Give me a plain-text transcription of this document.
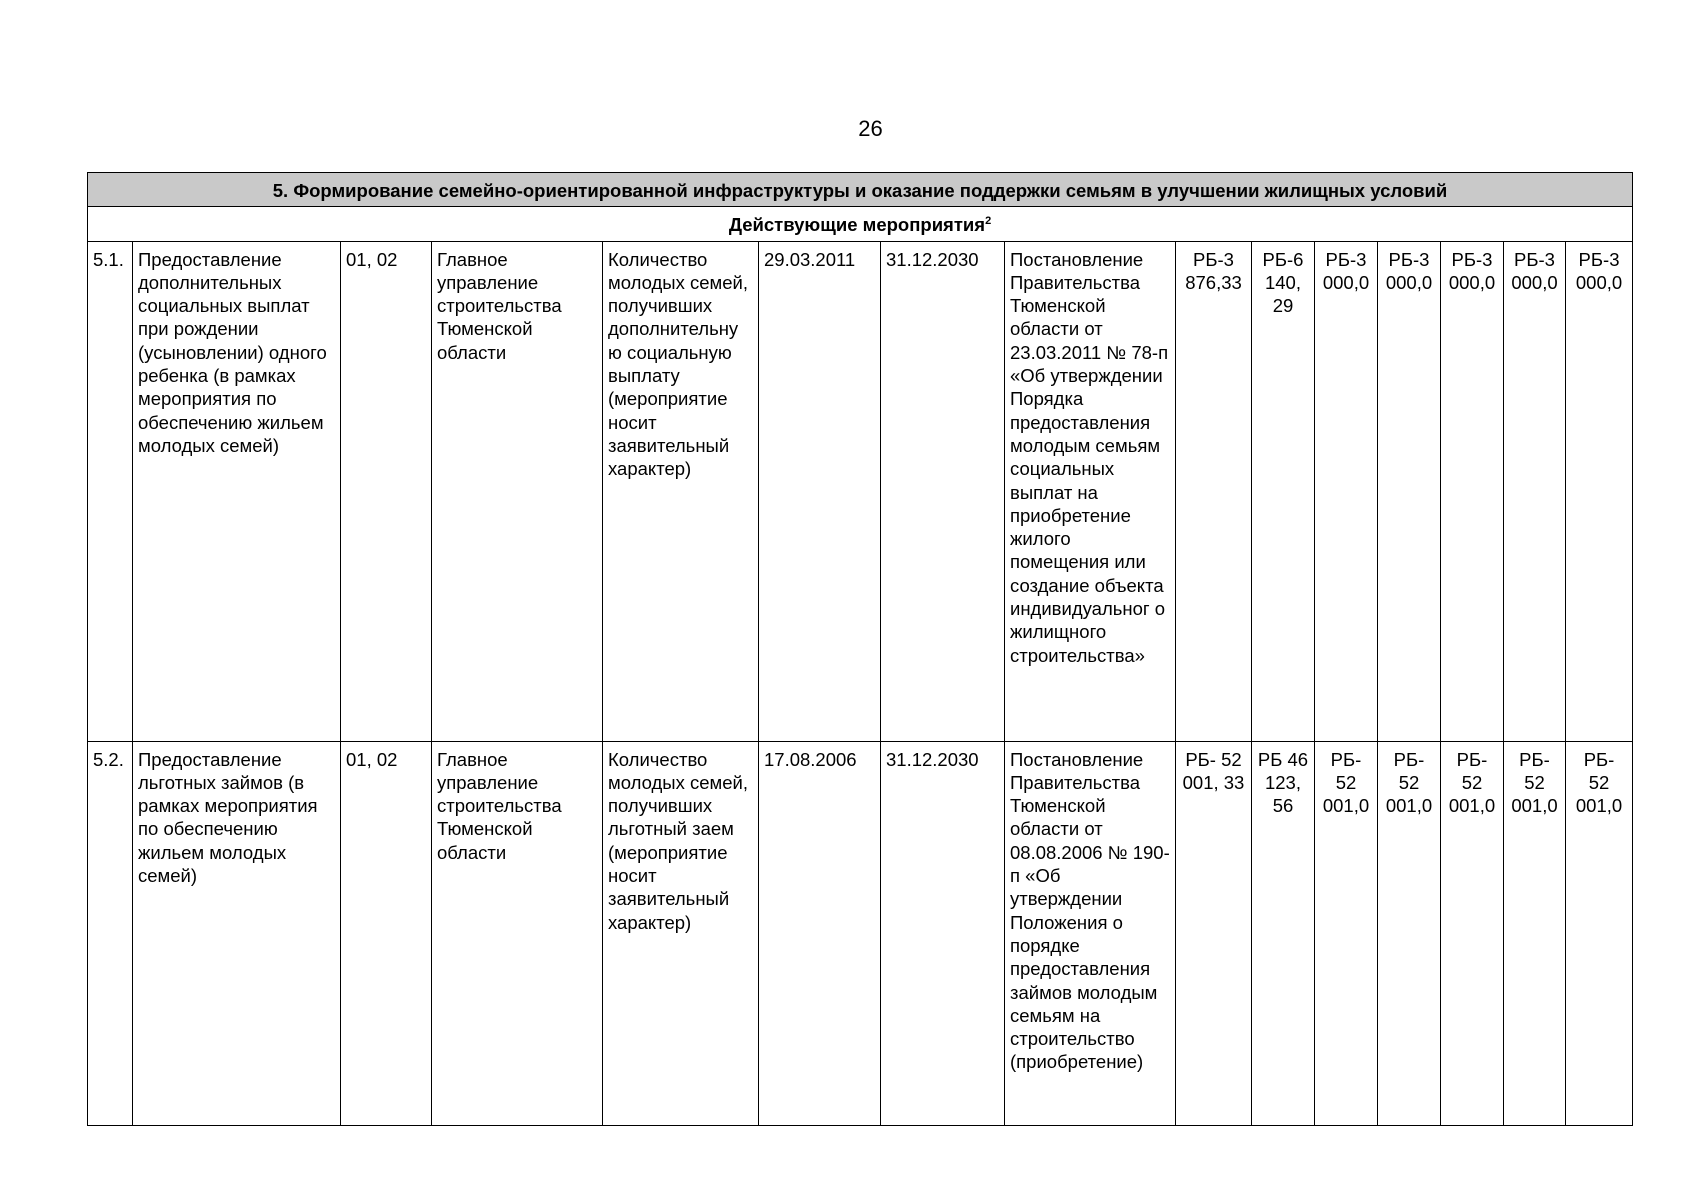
26
5. Формирование семейно-ориентированной инфраструктуры и оказание поддержки семьям в улучшении жилищных условий														
Действующие мероприятия$^2$
5.1.	Предоставление дополнительных социальных выплат при рождении (усыновлении) одного ребенка (в рамках мероприятия по обеспечению жильем молодых семей)	01, 02	Главное управление строительства Тюменской области	Количество молодых семей, получивших дополнительну ю социальную выплату (мероприятие носит заявительный характер)	29.03.2011	31.12.2030	Постановление Правительства Тюменской области от 23.03.2011 № 78-п «Об утверждении Порядка предоставления молодым семьям социальных выплат на приобретение жилого помещения или создание объекта индивидуальног о жилищного строительства»	РБ-3 876,33	РБ-6 140, 29	РБ-3 000,0	РБ-3 000,0	РБ-3 000,0	РБ-3 000,0	РБ-3 000,0
5.2.	Предоставление льготных займов (в рамках мероприятия по обеспечению жильем молодых семей)	01, 02	Главное управление строительства Тюменской области	Количество молодых семей, получивших льготный заем (мероприятие носит заявительный характер)	17.08.2006	31.12.2030	Постановление Правительства Тюменской области от 08.08.2006 № 190-п «Об утверждении Положения о порядке предоставления займов молодым семьям на строительство (приобретение)	РБ- 52 001, 33	РБ 46 123, 56	РБ- 52 001,0	РБ- 52 001,0	РБ- 52 001,0	РБ- 52 001,0	РБ- 52 001,0
